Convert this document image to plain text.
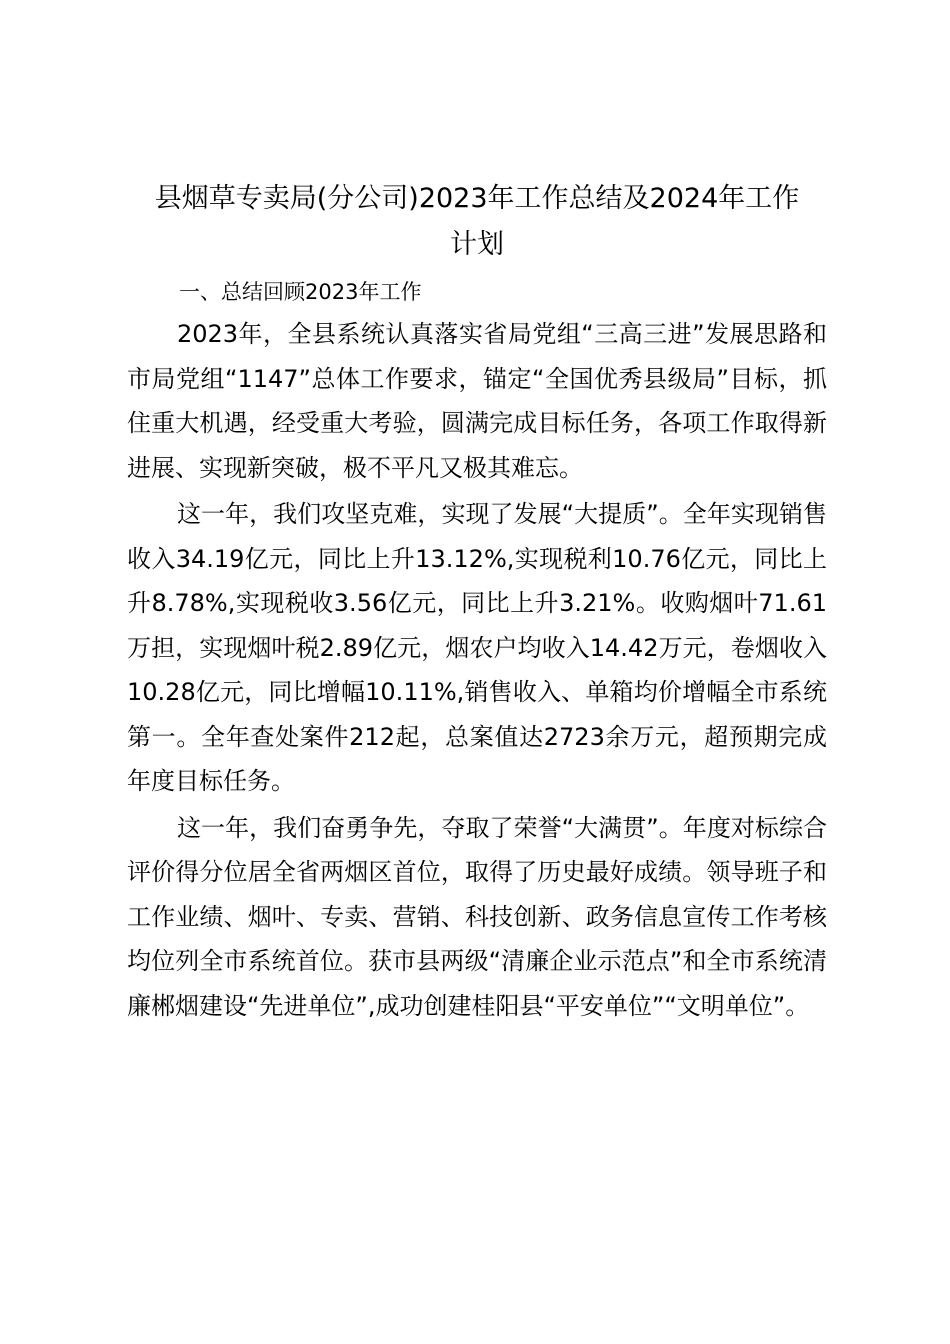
县烟草专卖局(分公司)2023年工作总结及2024年工作
计划

一、总结回顾2023年工作

2023年，全县系统认真落实省局党组“三高三进”发展思路和市局党组“1147”总体工作要求，锚定“全国优秀县级局”目标，抓住重大机遇，经受重大考验，圆满完成目标任务，各项工作取得新进展、实现新突破，极不平凡又极其难忘。

这一年，我们攻坚克难，实现了发展“大提质”。全年实现销售收入34.19亿元，同比上升13.12%,实现税利10.76亿元，同比上升8.78%,实现税收3.56亿元，同比上升3.21%。收购烟叶71.61万担，实现烟叶税2.89亿元，烟农户均收入14.42万元，卷烟收入10.28亿元，同比增幅10.11%,销售收入、单箱均价增幅全市系统第一。全年查处案件212起，总案值达2723余万元，超预期完成年度目标任务。

这一年，我们奋勇争先，夺取了荣誉“大满贯”。年度对标综合评价得分位居全省两烟区首位，取得了历史最好成绩。领导班子和工作业绩、烟叶、专卖、营销、科技创新、政务信息宣传工作考核均位列全市系统首位。获市县两级“清廉企业示范点”和全市系统清廉郴烟建设“先进单位”,成功创建桂阳县“平安单位”“文明单位”。
